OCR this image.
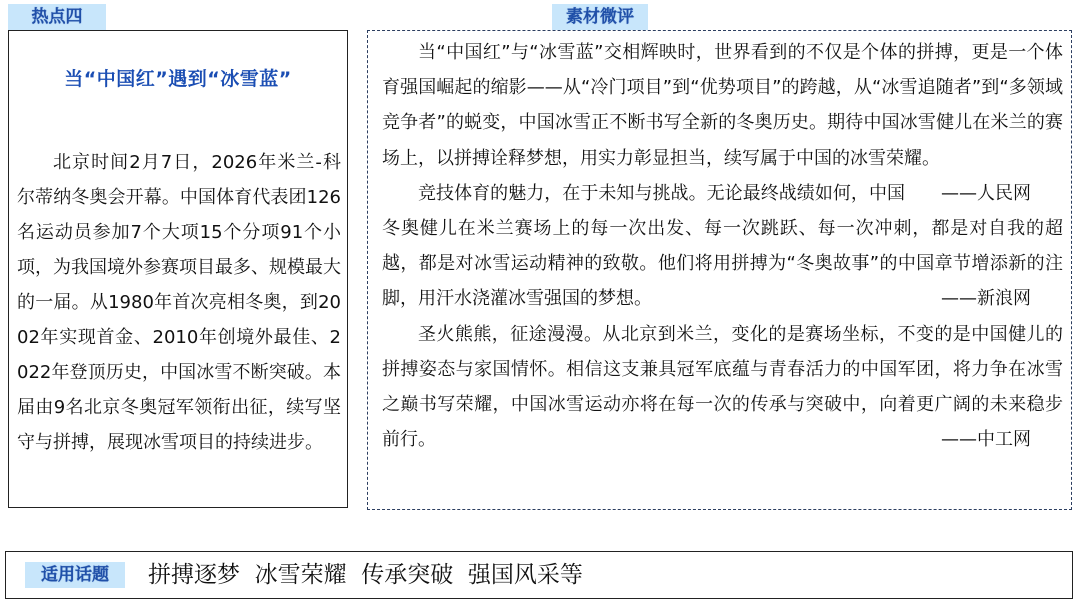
热点四	素材微评
当“中国红”遇到“冰雪蓝”
北京时间2月7日，2026年米兰-科尔蒂纳冬奥会开幕。中国体育代表团126名运动员参加7个大项15个分项91个小项，为我国境外参赛项目最多、规模最大的一届。从1980年首次亮相冬奥，到2002年实现首金、2010年创境外最佳、2022年登顶历史，中国冰雪不断突破。本届由9名北京冬奥冠军领衔出征，续写坚守与拼搏，展现冰雪项目的持续进步。

当“中国红”与“冰雪蓝”交相辉映时，世界看到的不仅是个体的拼搏，更是一个体育强国崛起的缩影——从“冷门项目”到“优势项目”的跨越，从“冰雪追随者”到“多领域竞争者”的蜕变，中国冰雪正不断书写全新的冬奥历史。期待中国冰雪健儿在米兰的赛场上，以拼搏诠释梦想，用实力彰显担当，续写属于中国的冰雪荣耀。
——人民网

竞技体育的魅力，在于未知与挑战。无论最终战绩如何，中国冬奥健儿在米兰赛场上的每一次出发、每一次跳跃、每一次冲刺，都是对自我的超越，都是对冰雪运动精神的致敬。他们将用拼搏为“冬奥故事”的中国章节增添新的注脚，用汗水浇灌冰雪强国的梦想。	——新浪网

圣火熊熊，征途漫漫。从北京到米兰，变化的是赛场坐标，不变的是中国健儿的拼搏姿态与家国情怀。相信这支兼具冠军底蕴与青春活力的中国军团，将力争在冰雪之巅书写荣耀，中国冰雪运动亦将在每一次的传承与突破中，向着更广阔的未来稳步前行。	——中工网

适用话题	拼搏逐梦  冰雪荣耀  传承突破  强国风采等
